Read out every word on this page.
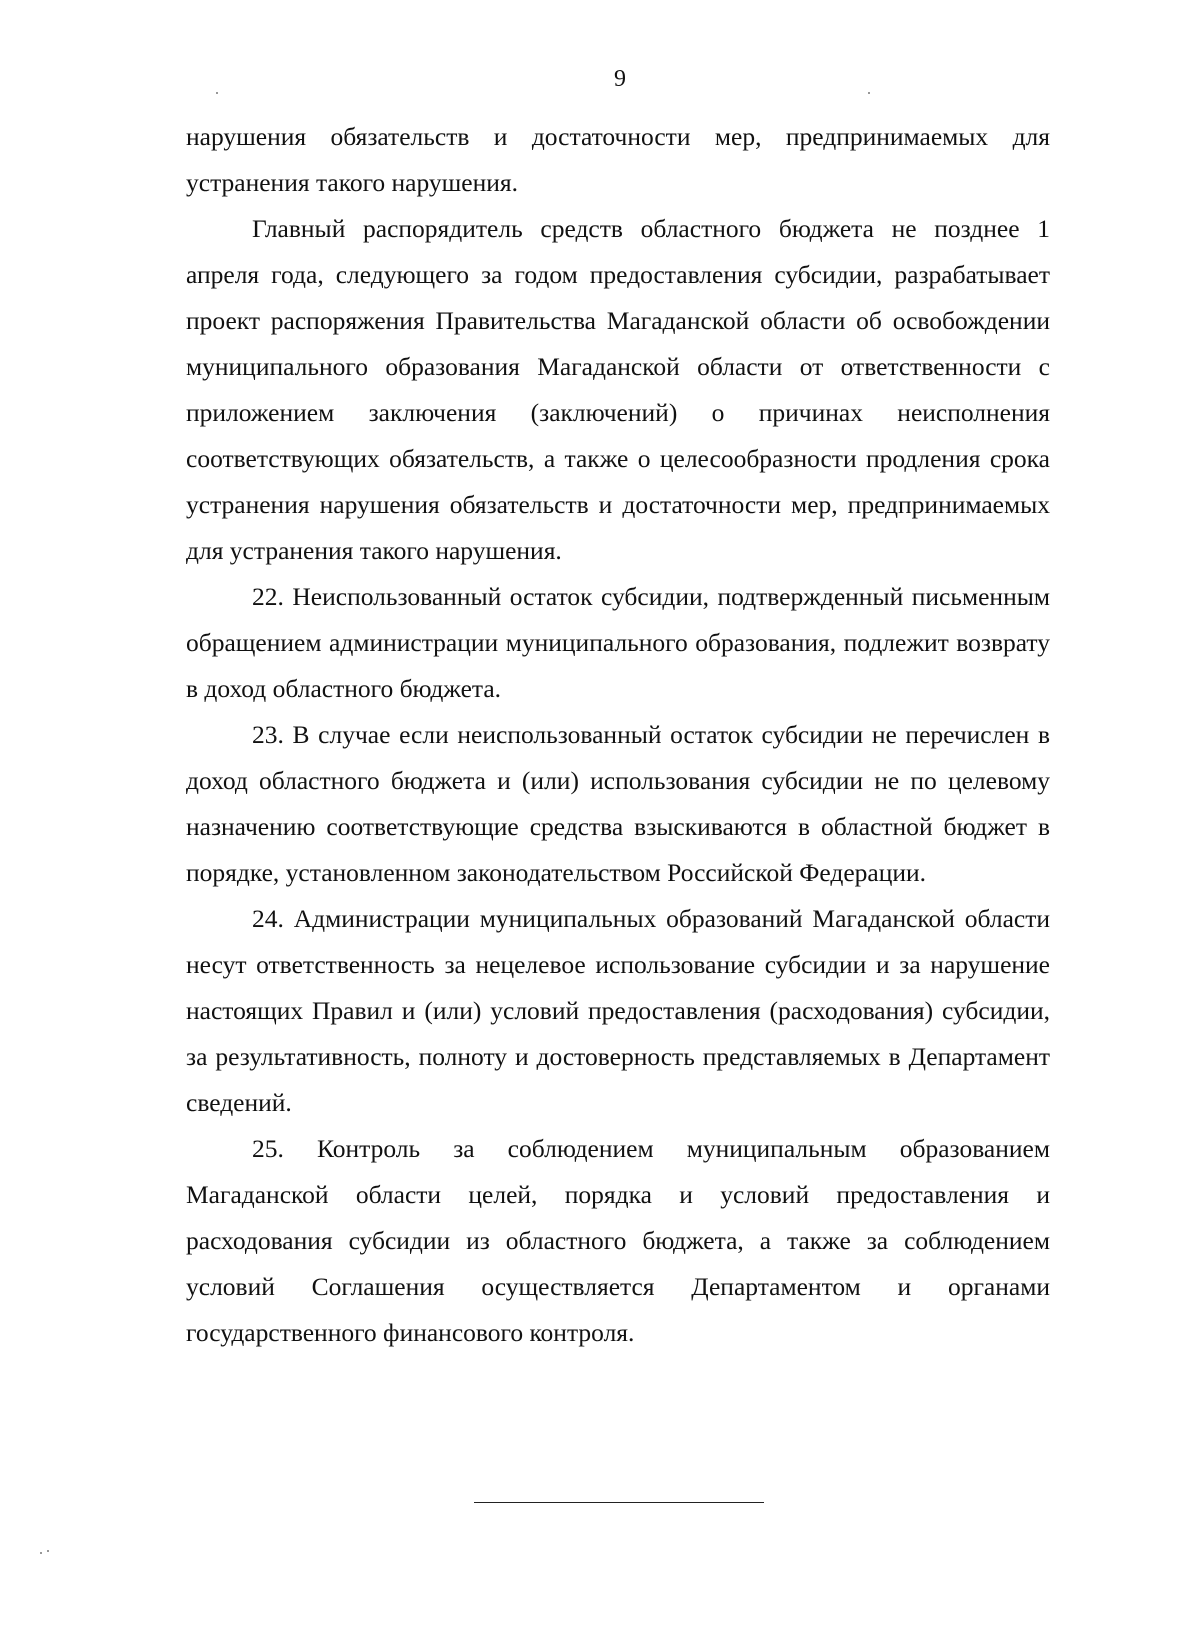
9

нарушения обязательств и достаточности мер, предпринимаемых для устранения такого нарушения.

Главный распорядитель средств областного бюджета не позднее 1 апреля года, следующего за годом предоставления субсидии, разрабатывает проект распоряжения Правительства Магаданской области об освобождении муниципального образования Магаданской области от ответственности с приложением заключения (заключений) о причинах неисполнения соответствующих обязательств, а также о целесообразности продления срока устранения нарушения обязательств и достаточности мер, предпринимаемых для устранения такого нарушения.

22. Неиспользованный остаток субсидии, подтвержденный письменным обращением администрации муниципального образования, подлежит возврату в доход областного бюджета.

23. В случае если неиспользованный остаток субсидии не перечислен в доход областного бюджета и (или) использования субсидии не по целевому назначению соответствующие средства взыскиваются в областной бюджет в порядке, установленном законодательством Российской Федерации.

24. Администрации муниципальных образований Магаданской области несут ответственность за нецелевое использование субсидии и за нарушение настоящих Правил и (или) условий предоставления (расходования) субсидии, за результативность, полноту и достоверность представляемых в Департамент сведений.

25. Контроль за соблюдением муниципальным образованием Магаданской области целей, порядка и условий предоставления и расходования субсидии из областного бюджета, а также за соблюдением условий Соглашения осуществляется Департаментом и органами государственного финансового контроля.
